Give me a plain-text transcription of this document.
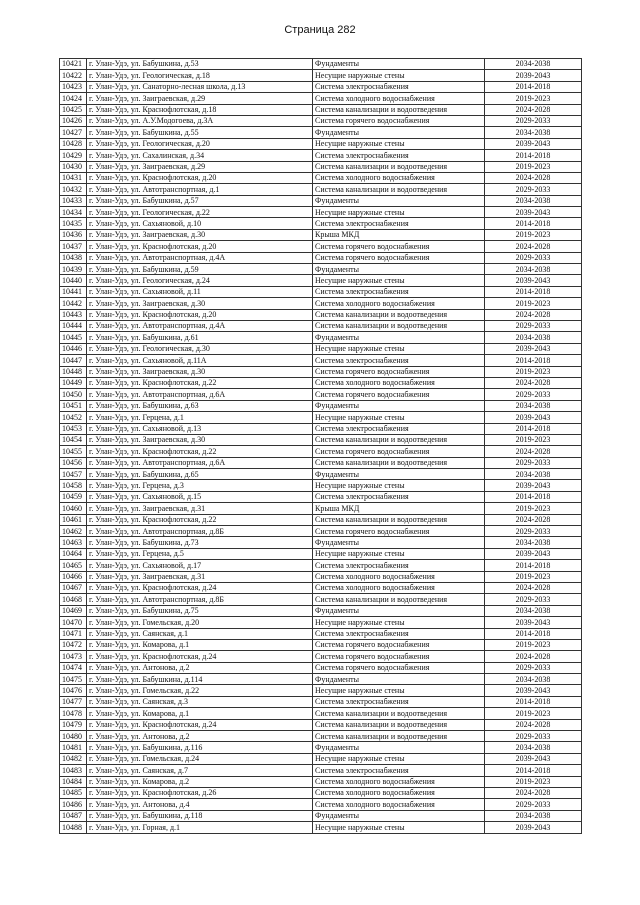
Страница 282
10421	г. Улан-Удэ, ул. Бабушкина, д.53	Фундаменты	2034-2038
10422	г. Улан-Удэ, ул. Геологическая, д.18	Несущие наружные стены	2039-2043
10423	г. Улан-Удэ, ул. Санаторно-лесная школа, д.13	Система электроснабжения	2014-2018
10424	г. Улан-Удэ, ул. Заиграевская, д.29	Система холодного водоснабжения	2019-2023
10425	г. Улан-Удэ, ул. Краснофлотская, д.18	Система канализации и водоотведения	2024-2028
10426	г. Улан-Удэ, ул. А.У.Модогоева, д.3А	Система горячего водоснабжения	2029-2033
10427	г. Улан-Удэ, ул. Бабушкина, д.55	Фундаменты	2034-2038
10428	г. Улан-Удэ, ул. Геологическая, д.20	Несущие наружные стены	2039-2043
10429	г. Улан-Удэ, ул. Сахалинская, д.34	Система электроснабжения	2014-2018
10430	г. Улан-Удэ, ул. Заиграевская, д.29	Система канализации и водоотведения	2019-2023
10431	г. Улан-Удэ, ул. Краснофлотская, д.20	Система холодного водоснабжения	2024-2028
10432	г. Улан-Удэ, ул. Автотранспортная, д.1	Система канализации и водоотведения	2029-2033
10433	г. Улан-Удэ, ул. Бабушкина, д.57	Фундаменты	2034-2038
10434	г. Улан-Удэ, ул. Геологическая, д.22	Несущие наружные стены	2039-2043
10435	г. Улан-Удэ, ул. Сахьяновой, д.10	Система электроснабжения	2014-2018
10436	г. Улан-Удэ, ул. Заиграевская, д.30	Крыша МКД	2019-2023
10437	г. Улан-Удэ, ул. Краснофлотская, д.20	Система горячего водоснабжения	2024-2028
10438	г. Улан-Удэ, ул. Автотранспортная, д.4А	Система горячего водоснабжения	2029-2033
10439	г. Улан-Удэ, ул. Бабушкина, д.59	Фундаменты	2034-2038
10440	г. Улан-Удэ, ул. Геологическая, д.24	Несущие наружные стены	2039-2043
10441	г. Улан-Удэ, ул. Сахьяновой, д.11	Система электроснабжения	2014-2018
10442	г. Улан-Удэ, ул. Заиграевская, д.30	Система холодного водоснабжения	2019-2023
10443	г. Улан-Удэ, ул. Краснофлотская, д.20	Система канализации и водоотведения	2024-2028
10444	г. Улан-Удэ, ул. Автотранспортная, д.4А	Система канализации и водоотведения	2029-2033
10445	г. Улан-Удэ, ул. Бабушкина, д.61	Фундаменты	2034-2038
10446	г. Улан-Удэ, ул. Геологическая, д.30	Несущие наружные стены	2039-2043
10447	г. Улан-Удэ, ул. Сахьяновой, д.11А	Система электроснабжения	2014-2018
10448	г. Улан-Удэ, ул. Заиграевская, д.30	Система горячего водоснабжения	2019-2023
10449	г. Улан-Удэ, ул. Краснофлотская, д.22	Система холодного водоснабжения	2024-2028
10450	г. Улан-Удэ, ул. Автотранспортная, д.6А	Система горячего водоснабжения	2029-2033
10451	г. Улан-Удэ, ул. Бабушкина, д.63	Фундаменты	2034-2038
10452	г. Улан-Удэ, ул. Герцена, д.1	Несущие наружные стены	2039-2043
10453	г. Улан-Удэ, ул. Сахьяновой, д.13	Система электроснабжения	2014-2018
10454	г. Улан-Удэ, ул. Заиграевская, д.30	Система канализации и водоотведения	2019-2023
10455	г. Улан-Удэ, ул. Краснофлотская, д.22	Система горячего водоснабжения	2024-2028
10456	г. Улан-Удэ, ул. Автотранспортная, д.6А	Система канализации и водоотведения	2029-2033
10457	г. Улан-Удэ, ул. Бабушкина, д.65	Фундаменты	2034-2038
10458	г. Улан-Удэ, ул. Герцена, д.3	Несущие наружные стены	2039-2043
10459	г. Улан-Удэ, ул. Сахьяновой, д.15	Система электроснабжения	2014-2018
10460	г. Улан-Удэ, ул. Заиграевская, д.31	Крыша МКД	2019-2023
10461	г. Улан-Удэ, ул. Краснофлотская, д.22	Система канализации и водоотведения	2024-2028
10462	г. Улан-Удэ, ул. Автотранспортная, д.8Б	Система горячего водоснабжения	2029-2033
10463	г. Улан-Удэ, ул. Бабушкина, д.73	Фундаменты	2034-2038
10464	г. Улан-Удэ, ул. Герцена, д.5	Несущие наружные стены	2039-2043
10465	г. Улан-Удэ, ул. Сахьяновой, д.17	Система электроснабжения	2014-2018
10466	г. Улан-Удэ, ул. Заиграевская, д.31	Система холодного водоснабжения	2019-2023
10467	г. Улан-Удэ, ул. Краснофлотская, д.24	Система холодного водоснабжения	2024-2028
10468	г. Улан-Удэ, ул. Автотранспортная, д.8Б	Система канализации и водоотведения	2029-2033
10469	г. Улан-Удэ, ул. Бабушкина, д.75	Фундаменты	2034-2038
10470	г. Улан-Удэ, ул. Гомельская, д.20	Несущие наружные стены	2039-2043
10471	г. Улан-Удэ, ул. Саянская, д.1	Система электроснабжения	2014-2018
10472	г. Улан-Удэ, ул. Комарова, д.1	Система горячего водоснабжения	2019-2023
10473	г. Улан-Удэ, ул. Краснофлотская, д.24	Система горячего водоснабжения	2024-2028
10474	г. Улан-Удэ, ул. Антонова, д.2	Система горячего водоснабжения	2029-2033
10475	г. Улан-Удэ, ул. Бабушкина, д.114	Фундаменты	2034-2038
10476	г. Улан-Удэ, ул. Гомельская, д.22	Несущие наружные стены	2039-2043
10477	г. Улан-Удэ, ул. Саянская, д.3	Система электроснабжения	2014-2018
10478	г. Улан-Удэ, ул. Комарова, д.1	Система канализации и водоотведения	2019-2023
10479	г. Улан-Удэ, ул. Краснофлотская, д.24	Система канализации и водоотведения	2024-2028
10480	г. Улан-Удэ, ул. Антонова, д.2	Система канализации и водоотведения	2029-2033
10481	г. Улан-Удэ, ул. Бабушкина, д.116	Фундаменты	2034-2038
10482	г. Улан-Удэ, ул. Гомельская, д.24	Несущие наружные стены	2039-2043
10483	г. Улан-Удэ, ул. Саянская, д.7	Система электроснабжения	2014-2018
10484	г. Улан-Удэ, ул. Комарова, д.2	Система холодного водоснабжения	2019-2023
10485	г. Улан-Удэ, ул. Краснофлотская, д.26	Система холодного водоснабжения	2024-2028
10486	г. Улан-Удэ, ул. Антонова, д.4	Система холодного водоснабжения	2029-2033
10487	г. Улан-Удэ, ул. Бабушкина, д.118	Фундаменты	2034-2038
10488	г. Улан-Удэ, ул. Горная, д.1	Несущие наружные стены	2039-2043
